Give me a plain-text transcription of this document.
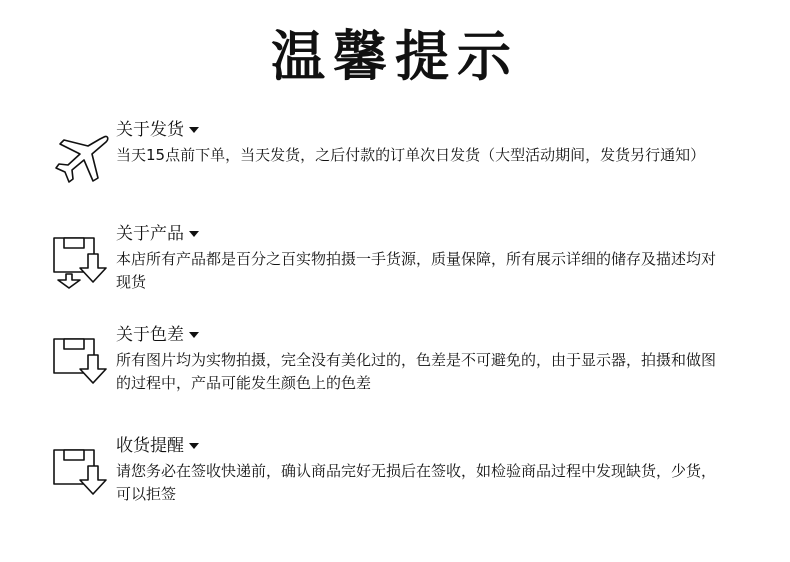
温馨提示
关于发货
当天15点前下单，当天发货，之后付款的订单次日发货（大型活动期间，发货另行通知）
关于产品
本店所有产品都是百分之百实物拍摄一手货源，质量保障，所有展示详细的储存及描述均对现货
关于色差
所有图片均为实物拍摄，完全没有美化过的，色差是不可避免的，由于显示器，拍摄和做图的过程中，产品可能发生颜色上的色差
收货提醒
请您务必在签收快递前，确认商品完好无损后在签收，如检验商品过程中发现缺货，少货，可以拒签
